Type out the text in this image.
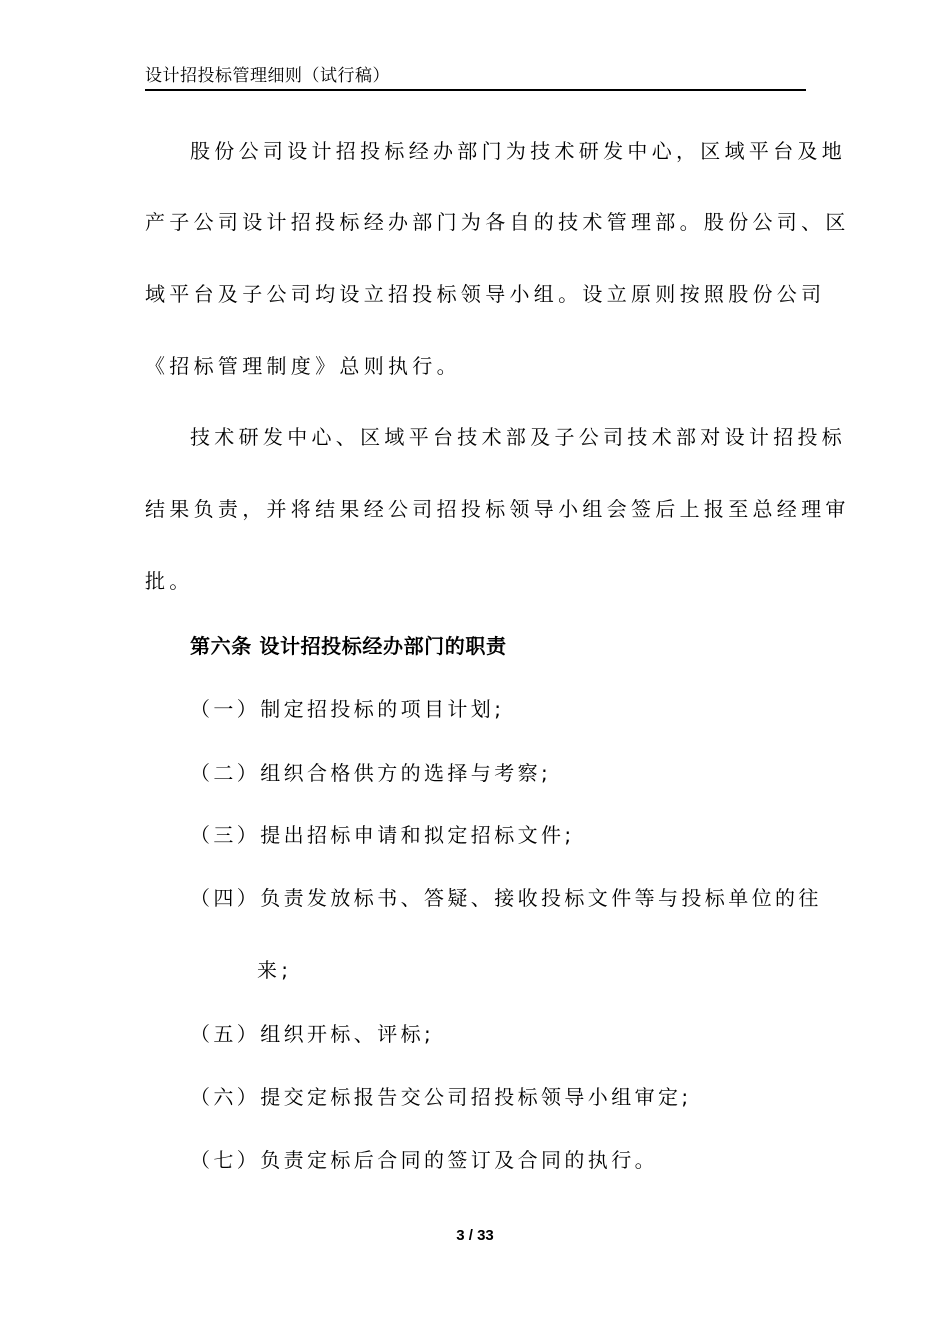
设计招投标管理细则（试行稿）
股份公司设计招投标经办部门为技术研发中心，区域平台及地
产子公司设计招投标经办部门为各自的技术管理部。股份公司、区
域平台及子公司均设立招投标领导小组。设立原则按照股份公司
《招标管理制度》总则执行。
技术研发中心、区域平台技术部及子公司技术部对设计招投标
结果负责，并将结果经公司招投标领导小组会签后上报至总经理审
批。
第六条 设计招投标经办部门的职责
（一）制定招投标的项目计划;
（二）组织合格供方的选择与考察;
（三）提出招标申请和拟定招标文件;
（四）负责发放标书、答疑、接收投标文件等与投标单位的往
来;
（五）组织开标、评标;
（六）提交定标报告交公司招投标领导小组审定;
（七）负责定标后合同的签订及合同的执行。
3 / 33
